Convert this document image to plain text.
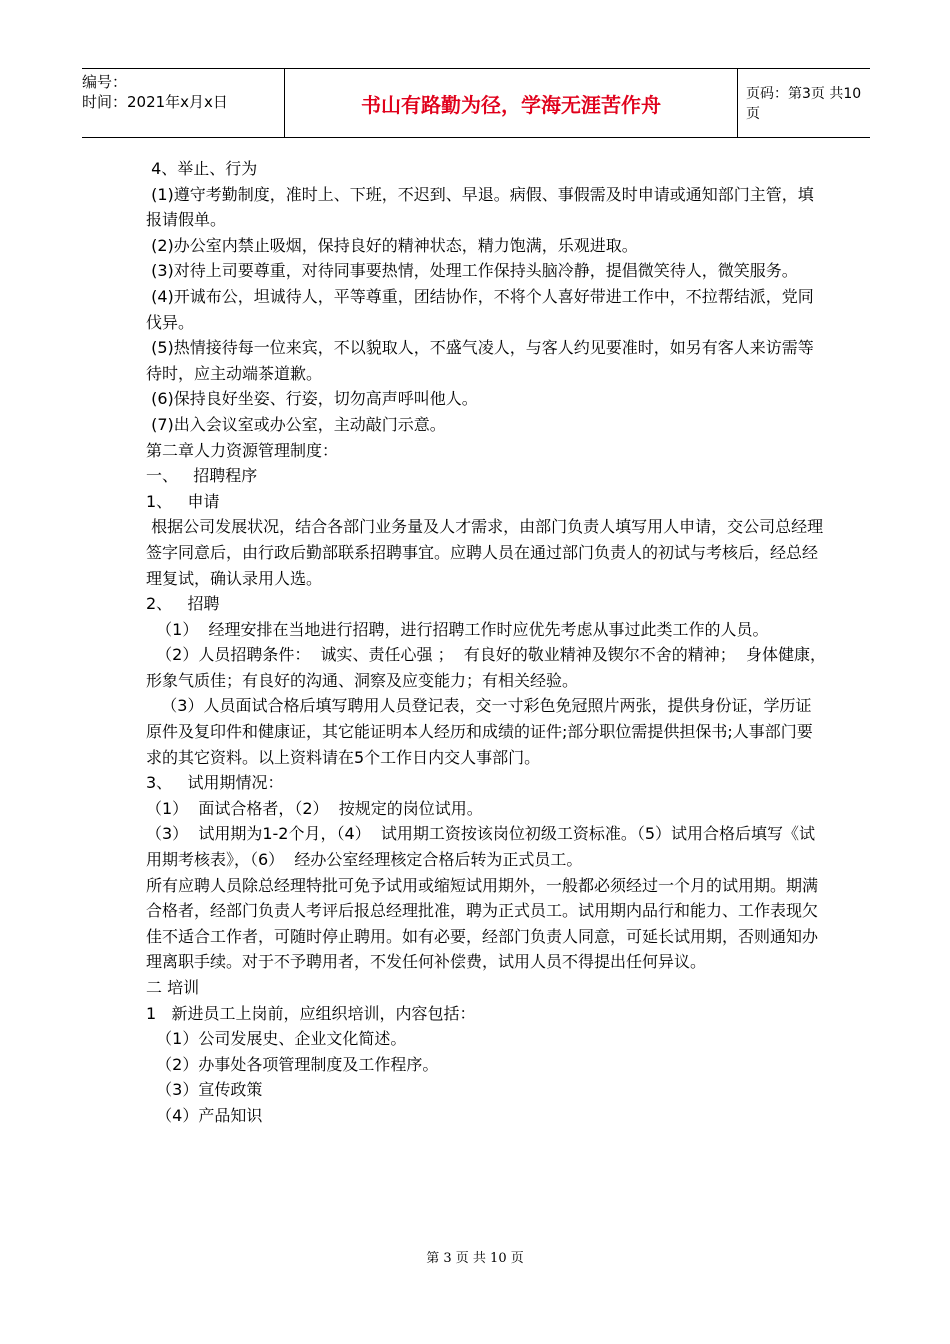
编号：
时间：2021年x月x日	书山有路勤为径，学海无涯苦作舟	页码：第3页 共10页

4、举止、行为

(1)遵守考勤制度，准时上、下班，不迟到、早退。病假、事假需及时申请或通知部门主管，填报请假单。

(2)办公室内禁止吸烟，保持良好的精神状态，精力饱满，乐观进取。

(3)对待上司要尊重，对待同事要热情，处理工作保持头脑冷静，提倡微笑待人，微笑服务。

(4)开诚布公，坦诚待人，平等尊重，团结协作，不将个人喜好带进工作中，不拉帮结派，党同伐异。

(5)热情接待每一位来宾，不以貌取人，不盛气凌人，与客人约见要准时，如另有客人来访需等待时，应主动端茶道歉。

(6)保持良好坐姿、行姿，切勿高声呼叫他人。

(7)出入会议室或办公室，主动敲门示意。

第二章人力资源管理制度：

一、   招聘程序

1、   申请

根据公司发展状况，结合各部门业务量及人才需求，由部门负责人填写用人申请，交公司总经理签字同意后，由行政后勤部联系招聘事宜。应聘人员在通过部门负责人的初试与考核后，经总经理复试，确认录用人选。

2、   招聘

（1）  经理安排在当地进行招聘，进行招聘工作时应优先考虑从事过此类工作的人员。

（2）人员招聘条件：  诚实、责任心强 ；  有良好的敬业精神及锲尔不舍的精神；  身体健康，形象气质佳；有良好的沟通、洞察及应变能力；有相关经验。

（3）人员面试合格后填写聘用人员登记表，交一寸彩色免冠照片两张，提供身份证，学历证原件及复印件和健康证，其它能证明本人经历和成绩的证件;部分职位需提供担保书;人事部门要求的其它资料。以上资料请在5个工作日内交人事部门。

3、   试用期情况：

（1）  面试合格者，（2）  按规定的岗位试用。

（3）  试用期为1-2个月，（4）  试用期工资按该岗位初级工资标准。（5）试用合格后填写《试用期考核表》，（6）  经办公室经理核定合格后转为正式员工。

所有应聘人员除总经理特批可免予试用或缩短试用期外，一般都必须经过一个月的试用期。期满合格者，经部门负责人考评后报总经理批准，聘为正式员工。试用期内品行和能力、工作表现欠佳不适合工作者，可随时停止聘用。如有必要，经部门负责人同意，可延长试用期，否则通知办理离职手续。对于不予聘用者，不发任何补偿费，试用人员不得提出任何异议。

二 培训

1   新进员工上岗前，应组织培训，内容包括：

（1）公司发展史、企业文化简述。

（2）办事处各项管理制度及工作程序。

（3）宣传政策

（4）产品知识

第 3 页 共 10 页
